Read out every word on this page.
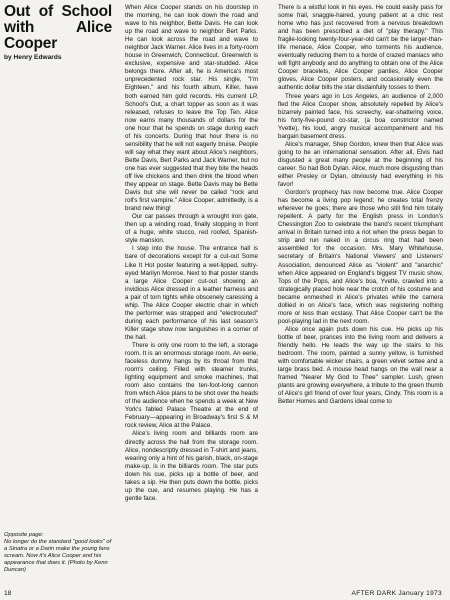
Out of School with Alice Cooper
by Henry Edwards
Opposite page:
No longer do the standard "good looks" of a Sinatra or a Darin make the young fans scream. Now it's Alice Cooper and his appearance that does it. (Photo by Kenn Duncan)

When Alice Cooper stands on his doorstep in the morning, he can look down the road and wave to his neighbor, Bette Davis. He can look up the road and wave to neighbor Bert Parks. He can look across the road and wave to neighbor Jack Warner. Alice lives in a forty-room house in Greenwich, Connecticut. Greenwich is exclusive, expensive and star-studded. Alice belongs there. After all, he is America's most unprecedented rock star. His single, "I'm Eighteen," and his fourth album, Killer, have both earned him gold records. His current LP, School's Out, a chart topper as soon as it was released, refuses to leave the Top Ten. Alice now earns many thousands of dollars for the one hour that he spends on stage during each of his concerts. During that hour there is no sensibility that he will not eagerly bruise. People will say what they want about Alice's neighbors, Bette Davis, Bert Parks and Jack Warner, but no one has ever suggested that they bite the heads off live chickens and then drink the blood when they appear on stage. Bette Davis may be Bette Davis but she will never be called "rock and roll's first vampire." Alice Cooper, admittedly, is a brand new thing!

Our car passes through a wrought iron gate, then up a winding road, finally stopping in front of a huge, white stucco, red roofed, Spanish-style mansion.

I step into the house. The entrance hall is bare of decorations except for a cut-out Some Like It Hot poster featuring a wet-lipped, sultry-eyed Marilyn Monroe. Next to that poster stands a large Alice Cooper cut-out showing an invidious Alice dressed in a leather harness and a pair of torn tights while obscenely caressing a whip. The Alice Cooper electric chair in which the performer was strapped and "electrocuted" during each performance of his last season's Killer stage show now languishes in a corner of the hall.

There is only one room to the left, a storage room. It is an enormous storage room. An eerie, faceless dummy hangs by its throat from that room's ceiling. Filled with steamer trunks, lighting equipment and smoke machines, that room also contains the ten-foot-long cannon from which Alice plans to be shot over the heads of the audience when he spends a week at New York's fabled Palace Theatre at the end of February—appearing in Broadway's first S & M rock review, Alice at the Palace.

Alice's living room and billiards room are directly across the hall from the storage room. Alice, nondescriptly dressed in T-shirt and jeans, wearing only a hint of his garish, black, on-stage make-up, is in the billiards room. The star puts down his cue, picks up a bottle of beer, and takes a sip. He then puts down the bottle, picks up the cue, and resumes playing. He has a gentle face.

There is a wistful look in his eyes. He could easily pass for some frail, snaggle-haired, young patient at a chic rest home who has just recovered from a nervous breakdown and has been prescribed a diet of "play therapy." This fragile-looking twenty-four-year-old can't be the larger-than-life menace, Alice Cooper, who torments his audience, eventually reducing them to a horde of crazed maniacs who will fight anybody and do anything to obtain one of the Alice Cooper bracelets, Alice Cooper panties, Alice Cooper gloves, Alice Cooper posters, and occasionally even the authentic dollar bills the star disdainfully tosses to them.

Three years ago in Los Angeles, an audience of 2,000 fled the Alice Cooper show, absolutely repelled by Alice's bizarrely painted face, his screechy, ear-shattering voice, his forty-five-pound co-star, (a boa constrictor named Yvette), his loud, angry musical accompaniment and his bargain basement dress.

Alice's manager, Shep Gordon, knew then that Alice was going to be an international sensation. After all, Elvis had disgusted a great many people at the beginning of his career. So had Bob Dylan. Alice, much more disgusting than either Presley or Dylan, obviously had everything in his favor!

Gordon's prophecy has now become true. Alice Cooper has become a living pop legend; he creates total frenzy wherever he goes; there are those who still find him totally repellent. A party for the English press in London's Chessington Zoo to celebrate the band's recent triumphant arrival in Britain turned into a riot when the press began to strip and run naked in a circus ring that had been assembled for the occasion. Mrs. Mary Whitehouse, secretary of Britain's National Viewers' and Listeners' Association, denounced Alice as "violent" and "anarchic" when Alice appeared on England's biggest TV music show, Tops of the Pops, and Alice's boa, Yvette, crawled into a strategically placed hole near the crotch of his costume and became enmeshed in Alice's privates while the camera dollied in on Alice's face, which was registering nothing more or less than ecstasy. That Alice Cooper can't be the pool-playing lad in the next room.

Alice once again puts down his cue. He picks up his bottle of beer, prances into the living room and delivers a friendly hello. He leads the way up the stairs to his bedroom. The room, painted a sunny yellow, is furnished with comfortable wicker chairs, a green velvet settee and a large brass bed. A mouse head hangs on the wall near a framed "Nearer My God to Thee" sampler. Lush, green plants are growing everywhere, a tribute to the green thumb of Alice's girl friend of over four years, Cindy. This room is a Better Homes and Gardens ideal come to

18	AFTER DARK January 1973
